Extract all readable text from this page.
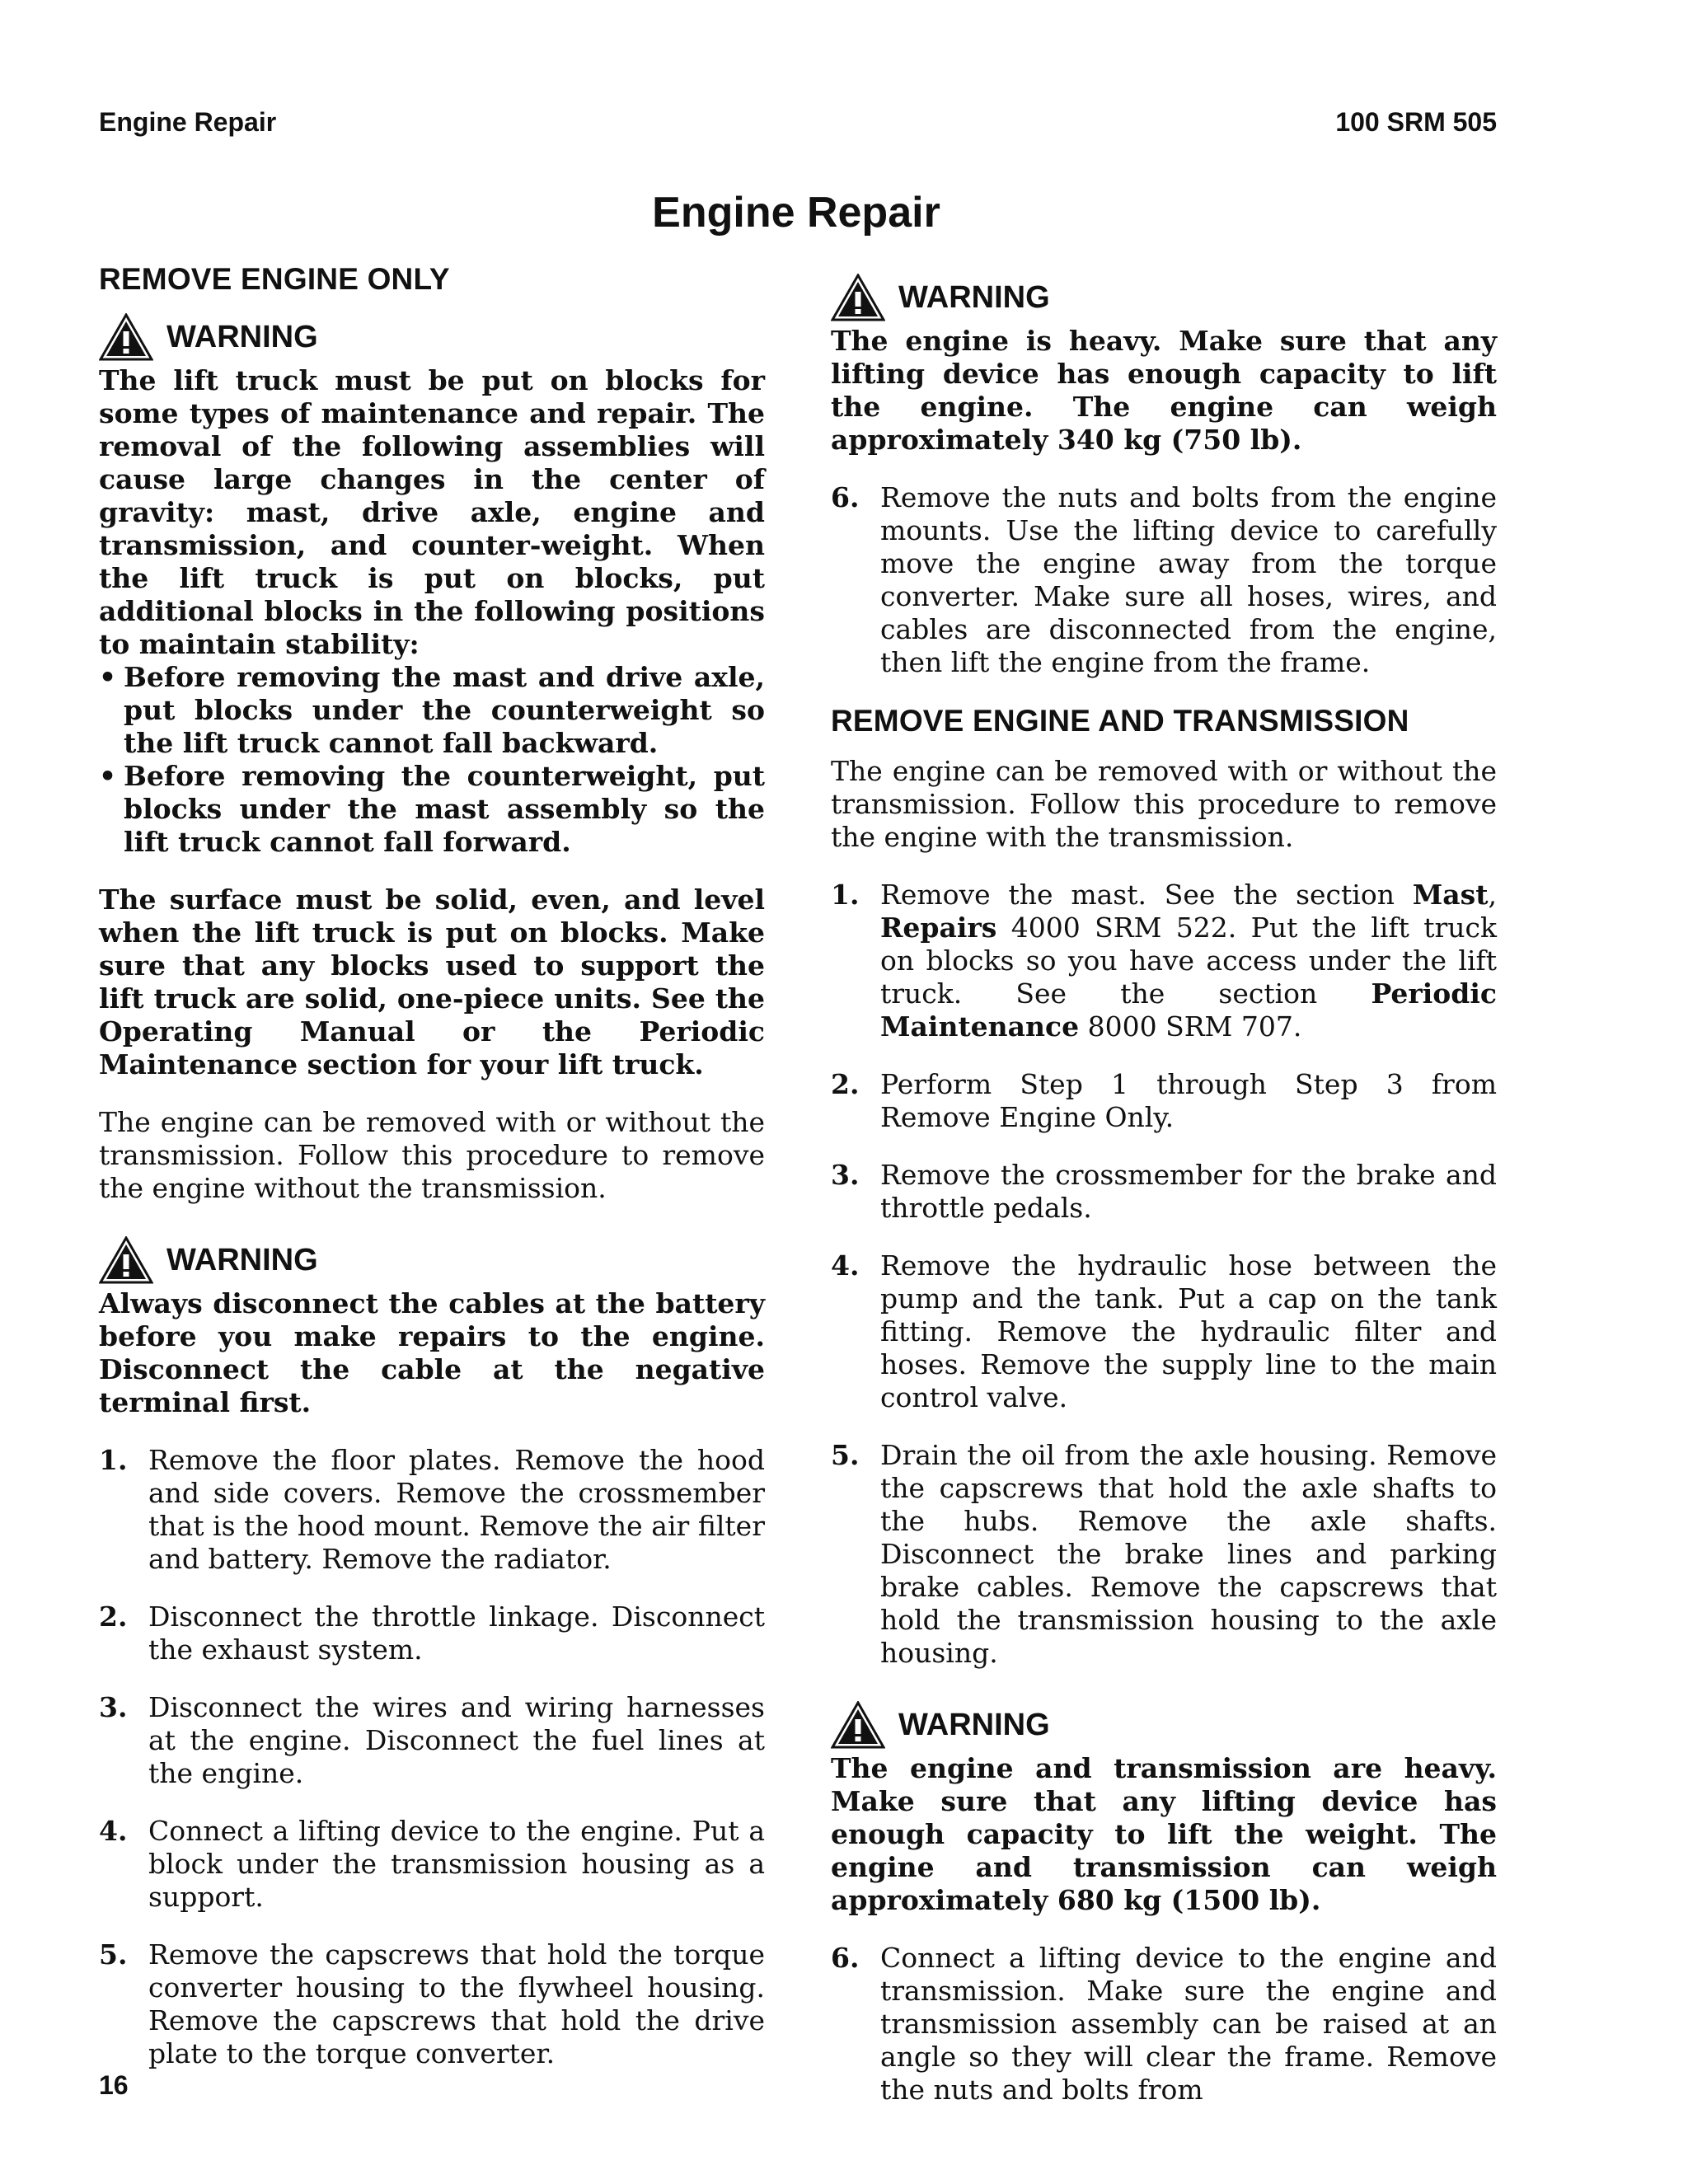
Engine Repair	100 SRM 505
Engine Repair
REMOVE ENGINE ONLY
WARNING
The lift truck must be put on blocks for some types of maintenance and repair. The removal of the following assemblies will cause large changes in the center of gravity: mast, drive axle, engine and transmission, and counter-weight. When the lift truck is put on blocks, put additional blocks in the following positions to maintain stability:
• Before removing the mast and drive axle, put blocks under the counterweight so the lift truck cannot fall backward.
• Before removing the counterweight, put blocks under the mast assembly so the lift truck cannot fall forward.
The surface must be solid, even, and level when the lift truck is put on blocks. Make sure that any blocks used to support the lift truck are solid, one-piece units. See the Operating Manual or the Periodic Maintenance section for your lift truck.
The engine can be removed with or without the transmission. Follow this procedure to remove the engine without the transmission.
WARNING
Always disconnect the cables at the battery before you make repairs to the engine. Disconnect the cable at the negative terminal first.
1. Remove the floor plates. Remove the hood and side covers. Remove the crossmember that is the hood mount. Remove the air filter and battery. Remove the radiator.
2. Disconnect the throttle linkage. Disconnect the exhaust system.
3. Disconnect the wires and wiring harnesses at the engine. Disconnect the fuel lines at the engine.
4. Connect a lifting device to the engine. Put a block under the transmission housing as a support.
5. Remove the capscrews that hold the torque converter housing to the flywheel housing. Remove the capscrews that hold the drive plate to the torque converter.
WARNING
The engine is heavy. Make sure that any lifting device has enough capacity to lift the engine. The engine can weigh approximately 340 kg (750 lb).
6. Remove the nuts and bolts from the engine mounts. Use the lifting device to carefully move the engine away from the torque converter. Make sure all hoses, wires, and cables are disconnected from the engine, then lift the engine from the frame.
REMOVE ENGINE AND TRANSMISSION
The engine can be removed with or without the transmission. Follow this procedure to remove the engine with the transmission.
1. Remove the mast. See the section Mast, Repairs 4000 SRM 522. Put the lift truck on blocks so you have access under the lift truck. See the section Periodic Maintenance 8000 SRM 707.
2. Perform Step 1 through Step 3 from Remove Engine Only.
3. Remove the crossmember for the brake and throttle pedals.
4. Remove the hydraulic hose between the pump and the tank. Put a cap on the tank fitting. Remove the hydraulic filter and hoses. Remove the supply line to the main control valve.
5. Drain the oil from the axle housing. Remove the capscrews that hold the axle shafts to the hubs. Remove the axle shafts. Disconnect the brake lines and parking brake cables. Remove the capscrews that hold the transmission housing to the axle housing.
WARNING
The engine and transmission are heavy. Make sure that any lifting device has enough capacity to lift the weight. The engine and transmission can weigh approximately 680 kg (1500 lb).
6. Connect a lifting device to the engine and transmission. Make sure the engine and transmission assembly can be raised at an angle so they will clear the frame. Remove the nuts and bolts from
16
